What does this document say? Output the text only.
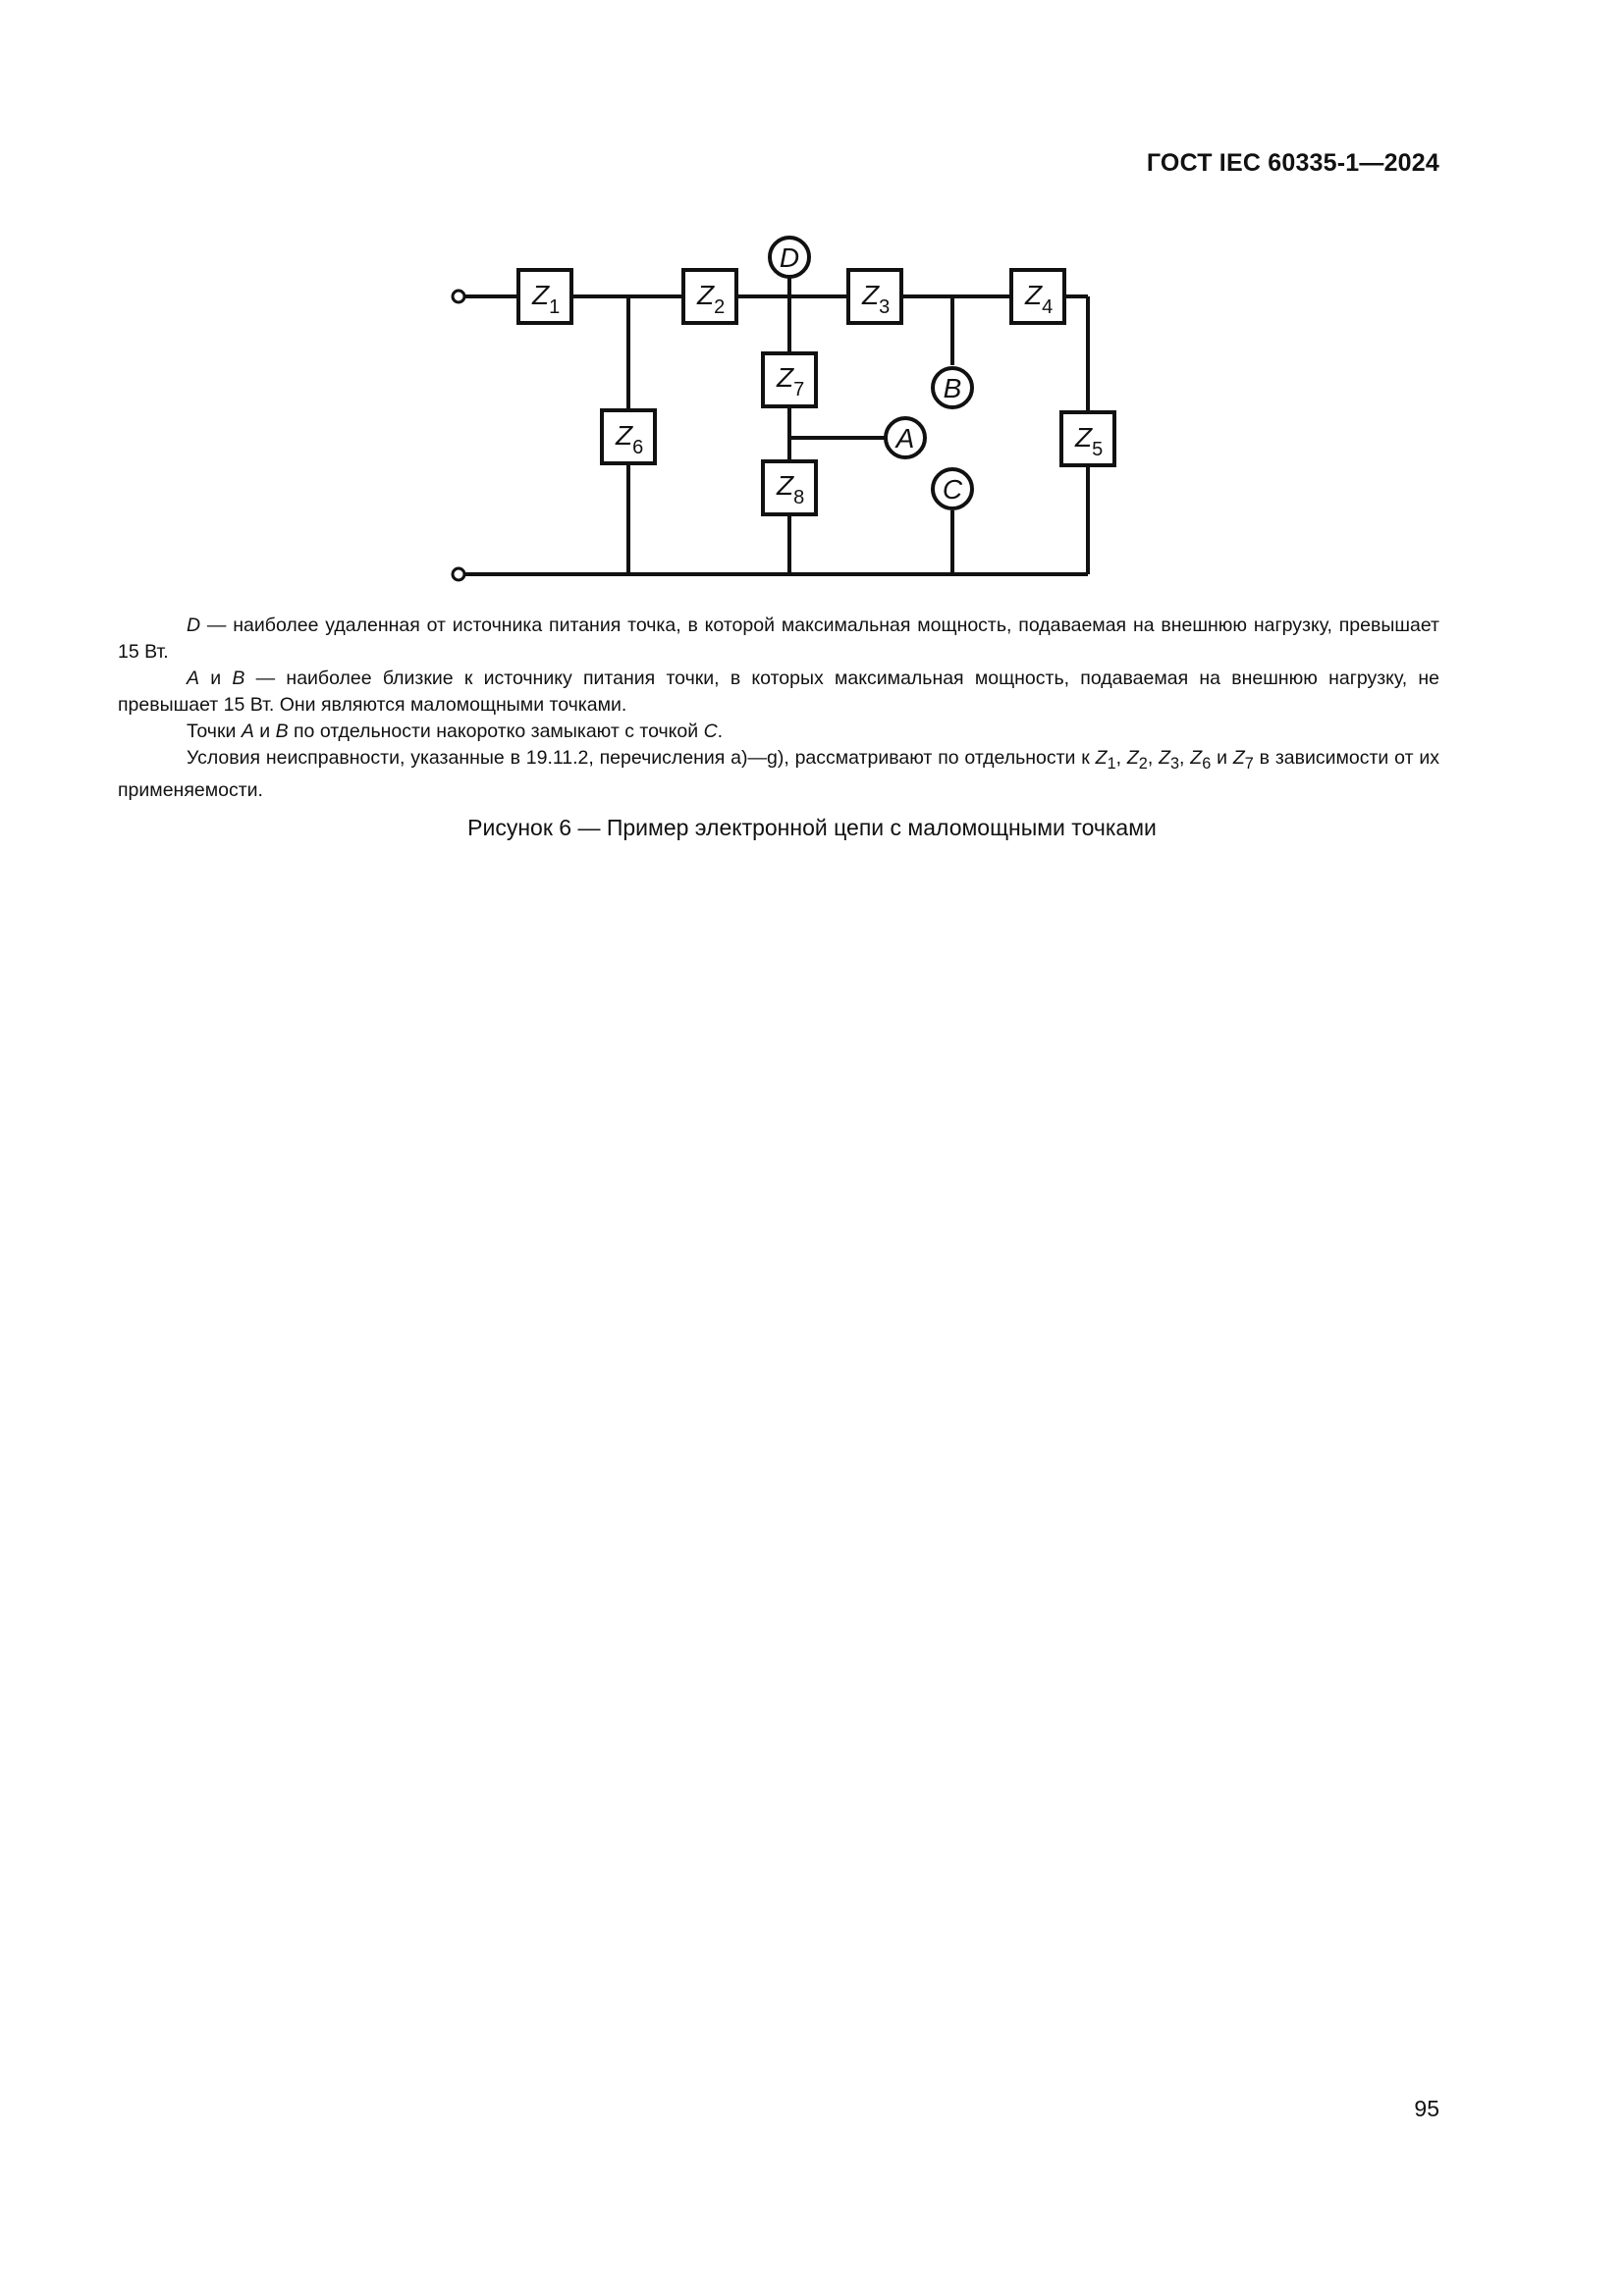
ГОСТ IEC 60335-1—2024
$Z_1$	$Z_2$	$Z_3$	$Z_4$
$Z_5$
$Z_6$
$Z_7$
$Z_8$
D
B
A
C

D — наиболее удаленная от источника питания точка, в которой максимальная мощность, подаваемая на внешнюю нагрузку, превышает 15 Вт.

A и B — наиболее близкие к источнику питания точки, в которых максимальная мощность, подаваемая на внешнюю нагрузку, не превышает 15 Вт. Они являются маломощными точками.

Точки A и B по отдельности накоротко замыкают с точкой C.

Условия неисправности, указанные в 19.11.2, перечисления a)—g), рассматривают по отдельности к $Z_1$, $Z_2$, $Z_3$, $Z_6$ и $Z_7$ в зависимости от их применяемости.

Рисунок 6 — Пример электронной цепи с маломощными точками
95
